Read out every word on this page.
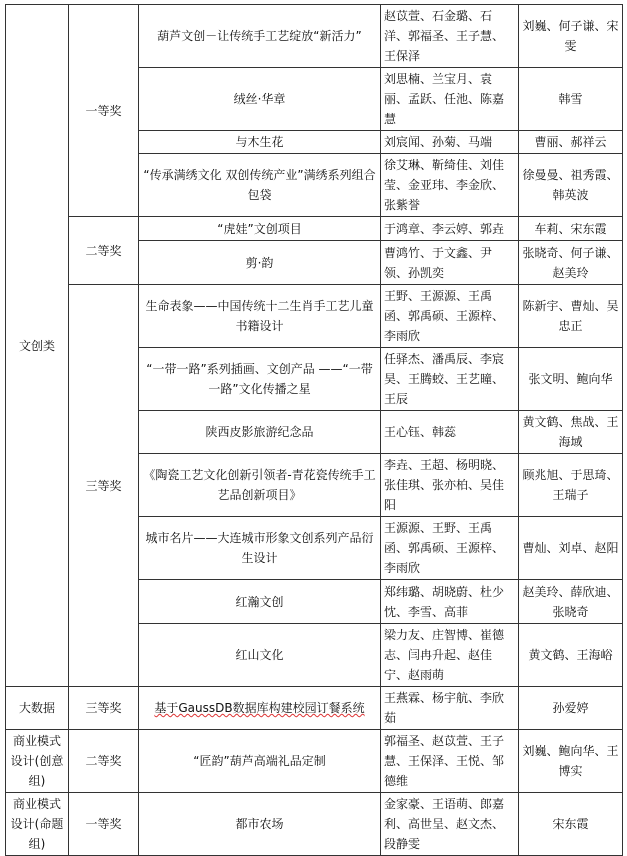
文创类	一等奖	葫芦文创－让传统手工艺绽放“新活力”	赵苡萱、石金璐、石洋、郭福圣、王子慧、王保泽	刘巍、何子谦、宋雯
		绒丝·华章	刘思楠、兰宝月、袁丽、孟跃、任池、陈嘉慧	韩雪
		与木生花	刘宸闻、孙菊、马端	曹丽、郝祥云
		“传承满绣文化 双创传统产业”满绣系列组合包袋	徐艾琳、靳绮佳、刘佳莹、金亚玮、李金欣、张紫誉	徐曼曼、祖秀霞、韩英波
	二等奖	“虎娃”文创项目	于鸿章、李云婷、郭垚	车莉、宋东霞
		剪·韵	曹鸿竹、于文鑫、尹领、孙凯奕	张晓奇、何子谦、赵美玲
	三等奖	生命表象——中国传统十二生肖手工艺儿童书籍设计	王野、王源源、王禹函、郭禹硕、王源梓、李雨欣	陈新宇、曹灿、吴忠正
		“一带一路”系列插画、文创产品 ——“一带一路”文化传播之星	任驿杰、潘禹辰、李宸昊、王腾蛟、王艺曈、王辰	张文明、鲍向华
		陕西皮影旅游纪念品	王心钰、韩蕊	黄文鹤、焦战、王海域
		《陶瓷工艺文化创新引领者-青花瓷传统手工艺品创新项目》	李垚、王超、杨明晓、张佳琪、张亦柏、吴佳阳	顾兆旭、于思琦、王瑞子
		城市名片——大连城市形象文创系列产品衍生设计	王源源、王野、王禹函、郭禹硕、王源梓、李雨欣	曹灿、刘卓、赵阳
		红瀚文创	郑纬璐、胡晓蔚、杜少忱、李雪、高菲	赵美玲、薛欣迪、张晓奇
		红山文化	梁力友、庄智博、崔德志、闫冉升起、赵佳宁、赵雨萌	黄文鹤、王海峪
大数据	三等奖	基于GaussDB数据库构建校园订餐系统	王燕霖、杨宇航、李欣茹	孙爱婷
商业模式设计(创意组)	二等奖	“匠韵”葫芦高端礼品定制	郭福圣、赵苡萱、王子慧、王保泽、王悦、邹德维	刘巍、鲍向华、王博实
商业模式设计(命题组)	一等奖	都市农场	金家豪、王语萌、郎嘉利、高世呈、赵文杰、段静雯	宋东霞
